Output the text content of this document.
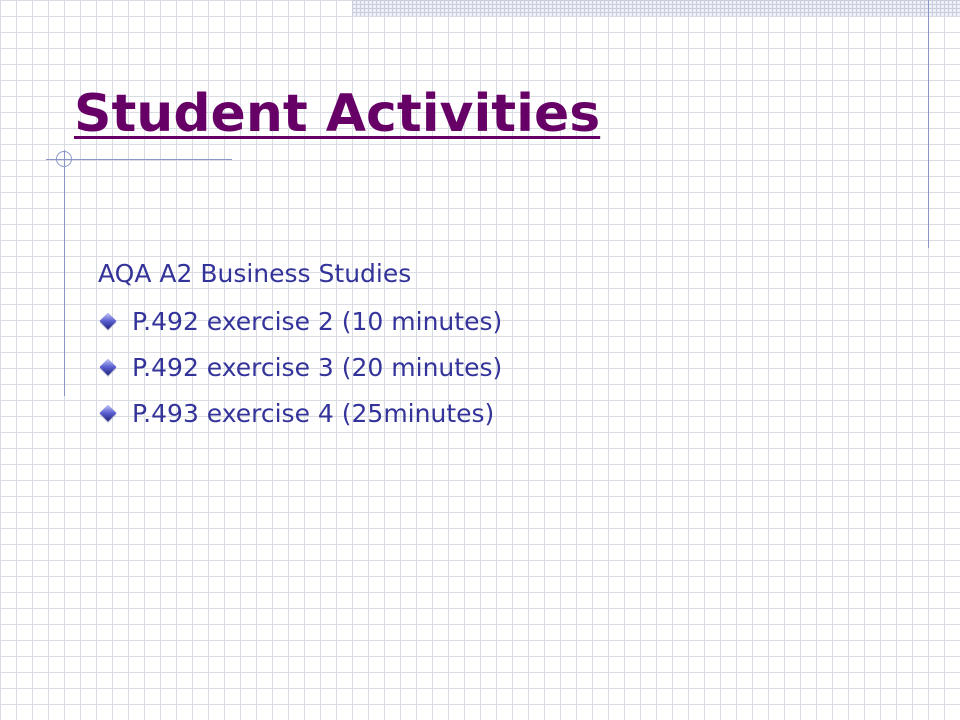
Student Activities
AQA A2 Business Studies
P.492 exercise 2 (10 minutes)
P.492 exercise 3 (20 minutes)
P.493 exercise 4 (25minutes)
